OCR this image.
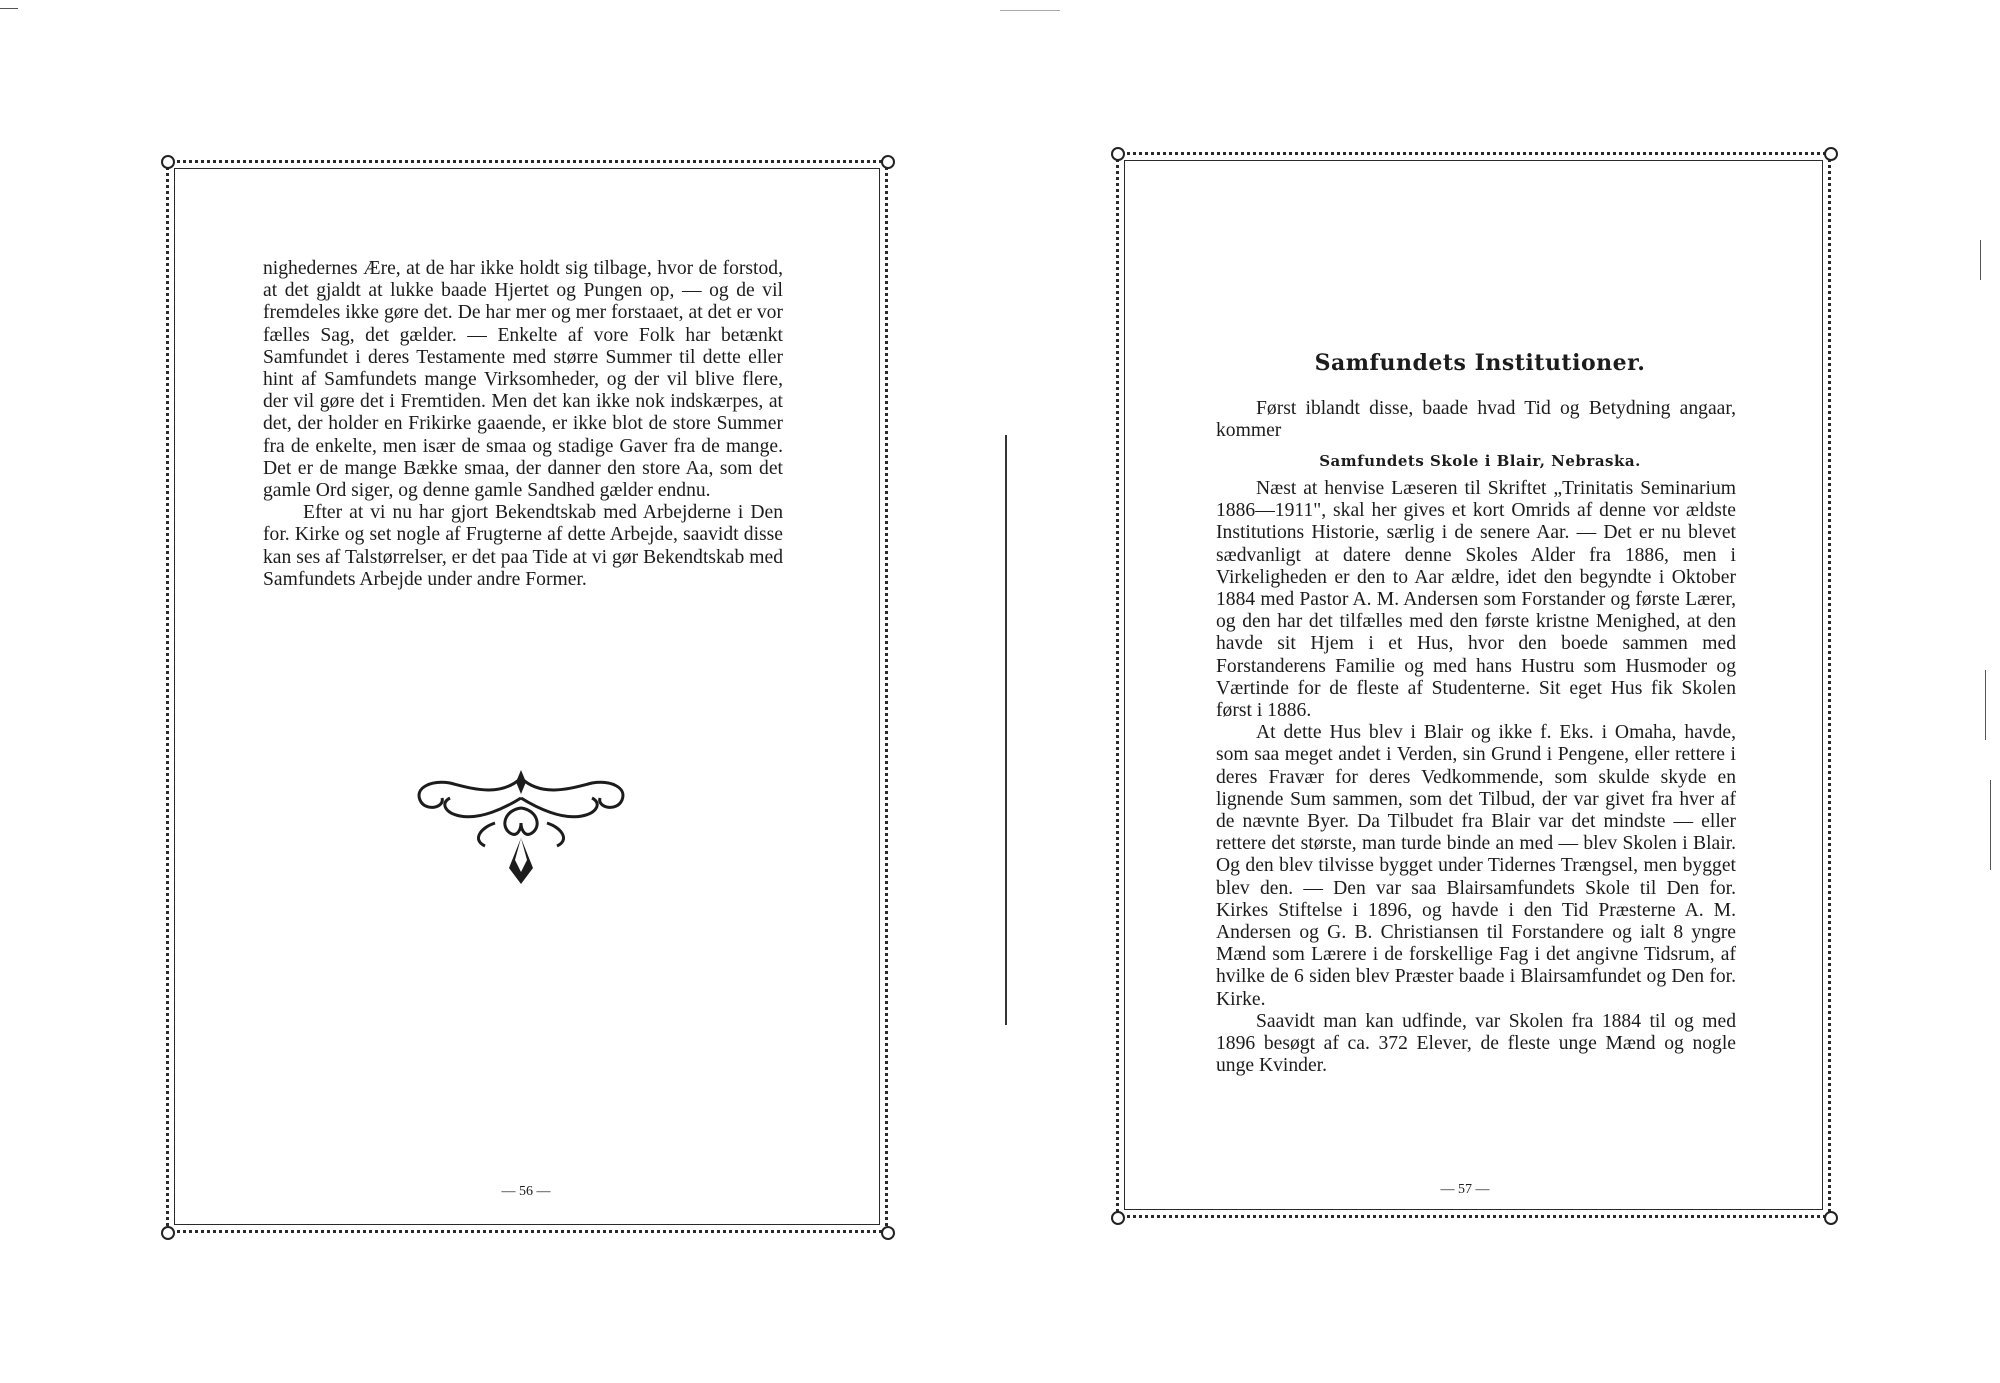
nighedernes Ære, at de har ikke holdt sig tilbage, hvor de forstod, at det gjaldt at lukke baade Hjertet og Pungen op, — og de vil fremdeles ikke gøre det. De har mer og mer forstaaet, at det er vor fælles Sag, det gælder. — Enkelte af vore Folk har betænkt Samfundet i deres Testamente med større Summer til dette eller hint af Samfundets mange Virksomheder, og der vil blive flere, der vil gøre det i Fremtiden. Men det kan ikke nok indskærpes, at det, der holder en Frikirke gaaende, er ikke blot de store Summer fra de enkelte, men især de smaa og stadige Gaver fra de mange. Det er de mange Bække smaa, der danner den store Aa, som det gamle Ord siger, og denne gamle Sandhed gælder endnu.

Efter at vi nu har gjort Bekendtskab med Arbejderne i Den for. Kirke og set nogle af Frugterne af dette Arbejde, saavidt disse kan ses af Talstørrelser, er det paa Tide at vi gør Bekendtskab med Samfundets Arbejde under andre Former.

— 56 —
Samfundets Institutioner.

Først iblandt disse, baade hvad Tid og Betydning angaar, kommer

Samfundets Skole i Blair, Nebraska.

Næst at henvise Læseren til Skriftet „Trinitatis Seminarium 1886—1911", skal her gives et kort Omrids af denne vor ældste Institutions Historie, særlig i de senere Aar. — Det er nu blevet sædvanligt at datere denne Skoles Alder fra 1886, men i Virkeligheden er den to Aar ældre, idet den begyndte i Oktober 1884 med Pastor A. M. Andersen som Forstander og første Lærer, og den har det tilfælles med den første kristne Menighed, at den havde sit Hjem i et Hus, hvor den boede sammen med Forstanderens Familie og med hans Hustru som Husmoder og Værtinde for de fleste af Studenterne. Sit eget Hus fik Skolen først i 1886.

At dette Hus blev i Blair og ikke f. Eks. i Omaha, havde, som saa meget andet i Verden, sin Grund i Pengene, eller rettere i deres Fravær for deres Vedkommende, som skulde skyde en lignende Sum sammen, som det Tilbud, der var givet fra hver af de nævnte Byer. Da Tilbudet fra Blair var det mindste — eller rettere det største, man turde binde an med — blev Skolen i Blair. Og den blev tilvisse bygget under Tidernes Trængsel, men bygget blev den. — Den var saa Blairsamfundets Skole til Den for. Kirkes Stiftelse i 1896, og havde i den Tid Præsterne A. M. Andersen og G. B. Christiansen til Forstandere og ialt 8 yngre Mænd som Lærere i de forskellige Fag i det angivne Tidsrum, af hvilke de 6 siden blev Præster baade i Blairsamfundet og Den for. Kirke.

Saavidt man kan udfinde, var Skolen fra 1884 til og med 1896 besøgt af ca. 372 Elever, de fleste unge Mænd og nogle unge Kvinder.

— 57 —
